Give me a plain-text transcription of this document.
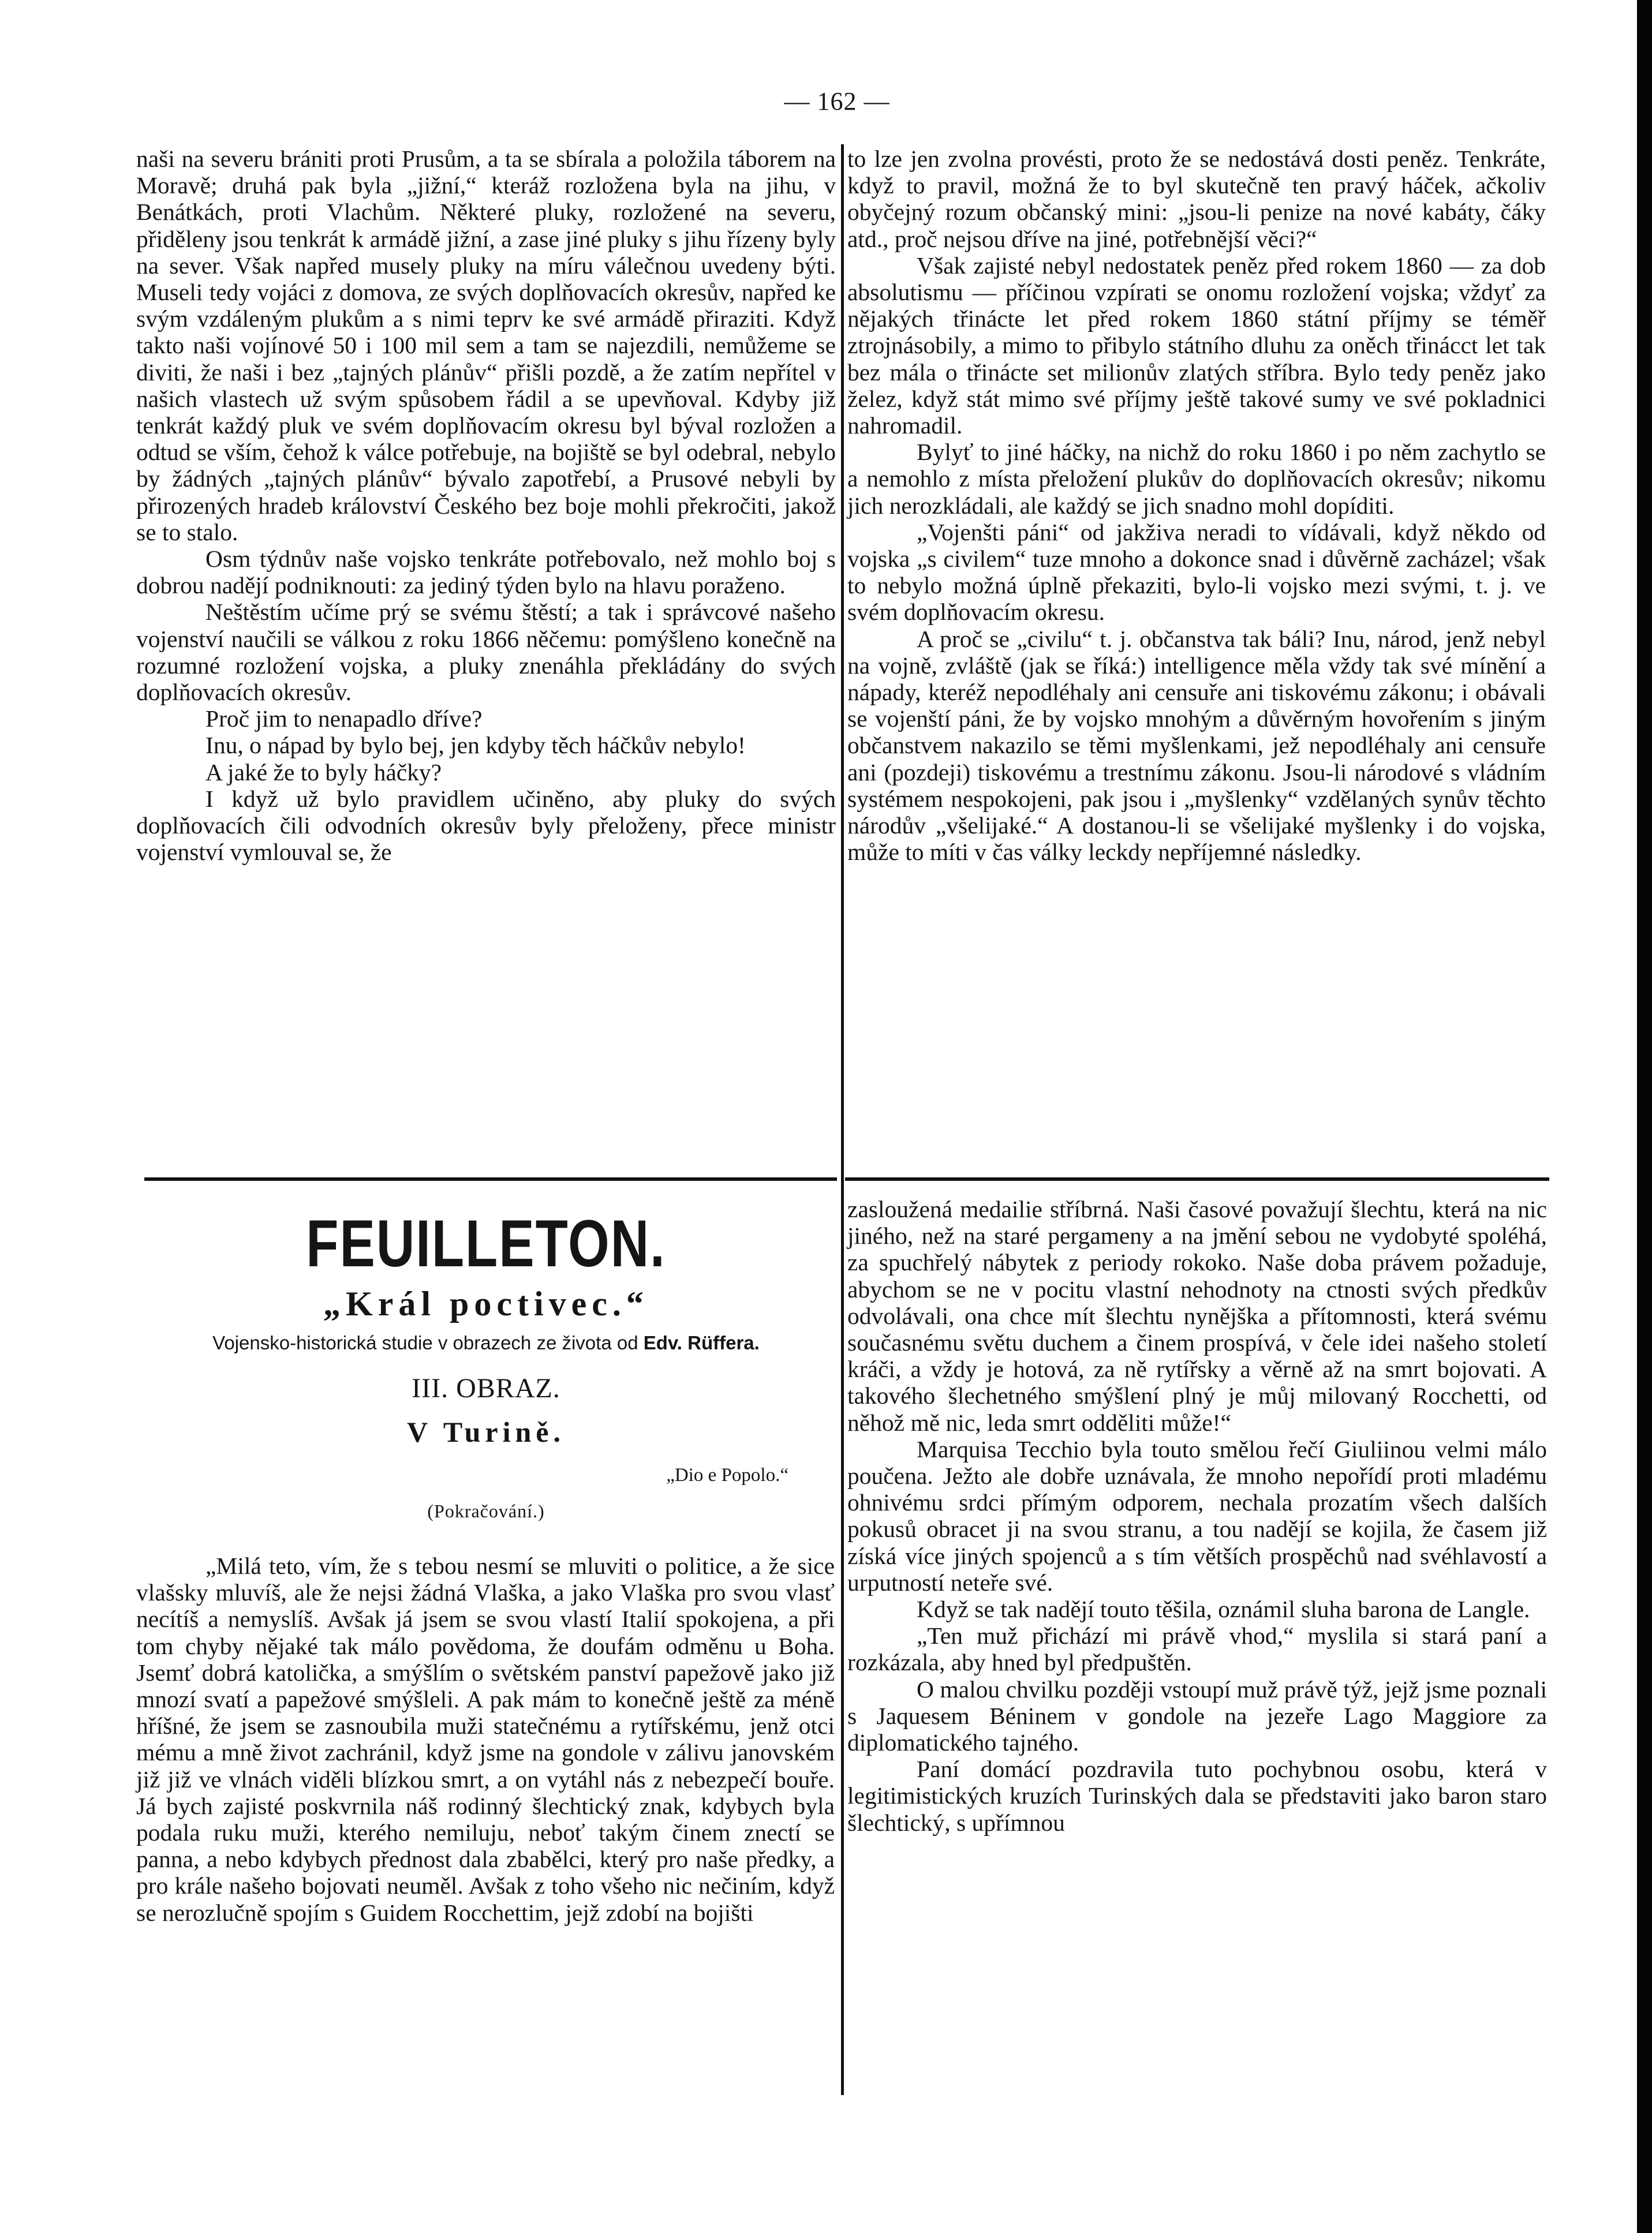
— 162 —

naši na severu brániti proti Prusům, a ta se sbírala a položila táborem na Moravě; druhá pak byla „jižní,“ kteráž rozložena byla na jihu, v Benátkách, proti Vlachům. Některé pluky, rozložené na severu, přiděleny jsou tenkrát k armádě jižní, a zase jiné pluky s jihu řízeny byly na sever. Však napřed musely pluky na míru válečnou uvedeny býti. Museli tedy vojáci z domova, ze svých doplňovacích okresův, napřed ke svým vzdáleným plukům a s nimi teprv ke své armádě přiraziti. Když takto naši vojínové 50 i 100 mil sem a tam se najezdili, nemůžeme se diviti, že naši i bez „tajných plánův“ přišli pozdě, a že zatím nepřítel v našich vlastech už svým spůsobem řádil a se upevňoval. Kdyby již tenkrát každý pluk ve svém doplňovacím okresu byl býval rozložen a odtud se vším, čehož k válce potřebuje, na bojiště se byl odebral, nebylo by žádných „tajných plánův“ bývalo zapotřebí, a Prusové nebyli by přirozených hradeb království Českého bez boje mohli překročiti, jakož se to stalo.

Osm týdnův naše vojsko tenkráte potřebovalo, než mohlo boj s dobrou nadějí podniknouti: za jediný týden bylo na hlavu poraženo.

Neštěstím učíme prý se svému štěstí; a tak i správcové našeho vojenství naučili se válkou z roku 1866 něčemu: pomýšleno konečně na rozumné rozložení vojska, a pluky znenáhla překládány do svých doplňovacích okresův.

Proč jim to nenapadlo dříve?

Inu, o nápad by bylo bej, jen kdyby těch háčkův nebylo!

A jaké že to byly háčky?

I když už bylo pravidlem učiněno, aby pluky do svých doplňovacích čili odvodních okresův byly přeloženy, přece ministr vojenství vymlouval se, že

to lze jen zvolna provésti, proto že se nedostává dosti peněz. Tenkráte, když to pravil, možná že to byl skutečně ten pravý háček, ačkoliv obyčejný rozum občanský mini: „jsou-li penize na nové kabáty, čáky atd., proč nejsou dříve na jiné, potřebnější věci?“

Však zajisté nebyl nedostatek peněz před rokem 1860 — za dob absolutismu — příčinou vzpírati se onomu rozložení vojska; vždyť za nějakých třinácte let před rokem 1860 státní příjmy se téměř ztrojnásobily, a mimo to přibylo státního dluhu za oněch třinácct let tak bez mála o třinácte set milionův zlatých stříbra. Bylo tedy peněz jako želez, když stát mimo své příjmy ještě takové sumy ve své pokladnici nahromadil.

Bylyť to jiné háčky, na nichž do roku 1860 i po něm zachytlo se a nemohlo z místa přeložení plukův do doplňovacích okresův; nikomu jich nerozkládali, ale každý se jich snadno mohl dopíditi.

„Vojenšti páni“ od jakživa neradi to vídávali, když někdo od vojska „s civilem“ tuze mnoho a dokonce snad i důvěrně zacházel; však to nebylo možná úplně překaziti, bylo-li vojsko mezi svými, t. j. ve svém doplňovacím okresu.

A proč se „civilu“ t. j. občanstva tak báli? Inu, národ, jenž nebyl na vojně, zvláště (jak se říká:) intelligence měla vždy tak své mínění a nápady, kteréž nepodléhaly ani censuře ani tiskovému zákonu; i obávali se vojenští páni, že by vojsko mnohým a důvěrným hovořením s jiným občanstvem nakazilo se těmi myšlenkami, jež nepodléhaly ani censuře ani (pozdeji) tiskovému a trestnímu zákonu. Jsou-li národové s vládním systémem nespokojeni, pak jsou i „myšlenky“ vzdělaných synův těchto národův „všelijaké.“ A dostanou-li se všelijaké myšlenky i do vojska, může to míti v čas války leckdy nepříjemné následky.

FEUILLETON.
„Král poctivec.“
Vojensko-historická studie v obrazech ze života od Edv. Rüffera.
III. OBRAZ.
V Turině.
„Dio e Popolo.“
(Pokračování.)

„Milá teto, vím, že s tebou nesmí se mluviti o politice, a že sice vlašsky mluvíš, ale že nejsi žádná Vlaška, a jako Vlaška pro svou vlasť necítíš a nemyslíš. Avšak já jsem se svou vlastí Italií spokojena, a při tom chyby nějaké tak málo povědoma, že doufám odměnu u Boha. Jsemť dobrá katolička, a smýšlím o světském panství papežově jako již mnozí svatí a papežové smýšleli. A pak mám to konečně ještě za méně hříšné, že jsem se zasnoubila muži statečnému a rytířskému, jenž otci mému a mně život zachránil, když jsme na gondole v zálivu janovském již již ve vlnách viděli blízkou smrt, a on vytáhl nás z nebezpečí bouře. Já bych zajisté poskvrnila náš rodinný šlechtický znak, kdybych byla podala ruku muži, kterého nemiluju, neboť takým činem znectí se panna, a nebo kdybych přednost dala zbabělci, který pro naše předky, a pro krále našeho bojovati neuměl. Avšak z toho všeho nic nečiním, když se nerozlučně spojím s Guidem Rocchettim, jejž zdobí na bojišti

zasloužená medailie stříbrná. Naši časové považují šlechtu, která na nic jiného, než na staré pergameny a na jmění sebou ne vydobyté spoléhá, za spuchřelý nábytek z periody rokoko. Naše doba právem požaduje, abychom se ne v pocitu vlastní nehodnoty na ctnosti svých předkův odvolávali, ona chce mít šlechtu nynějška a přítomnosti, která svému současnému světu duchem a činem prospívá, v čele idei našeho století kráči, a vždy je hotová, za ně rytířsky a věrně až na smrt bojovati. A takového šlechetného smýšlení plný je můj milovaný Rocchetti, od něhož mě nic, leda smrt odděliti může!“

Marquisa Tecchio byla touto smělou řečí Giuliinou velmi málo poučena. Ježto ale dobře uznávala, že mnoho nepořídí proti mladému ohnivému srdci přímým odporem, nechala prozatím všech dalších pokusů obracet ji na svou stranu, a tou nadějí se kojila, že časem již získá více jiných spojenců a s tím větších prospěchů nad svéhlavostí a urputností neteře své.

Když se tak nadějí touto těšila, oznámil sluha barona de Langle.

„Ten muž přichází mi právě vhod,“ myslila si stará paní a rozkázala, aby hned byl předpuštěn.

O malou chvilku později vstoupí muž právě týž, jejž jsme poznali s Jaquesem Béninem v gondole na jezeře Lago Maggiore za diplomatického tajného.

Paní domácí pozdravila tuto pochybnou osobu, která v legitimistických kruzích Turinských dala se představiti jako baron staro šlechtický, s upřímnou
